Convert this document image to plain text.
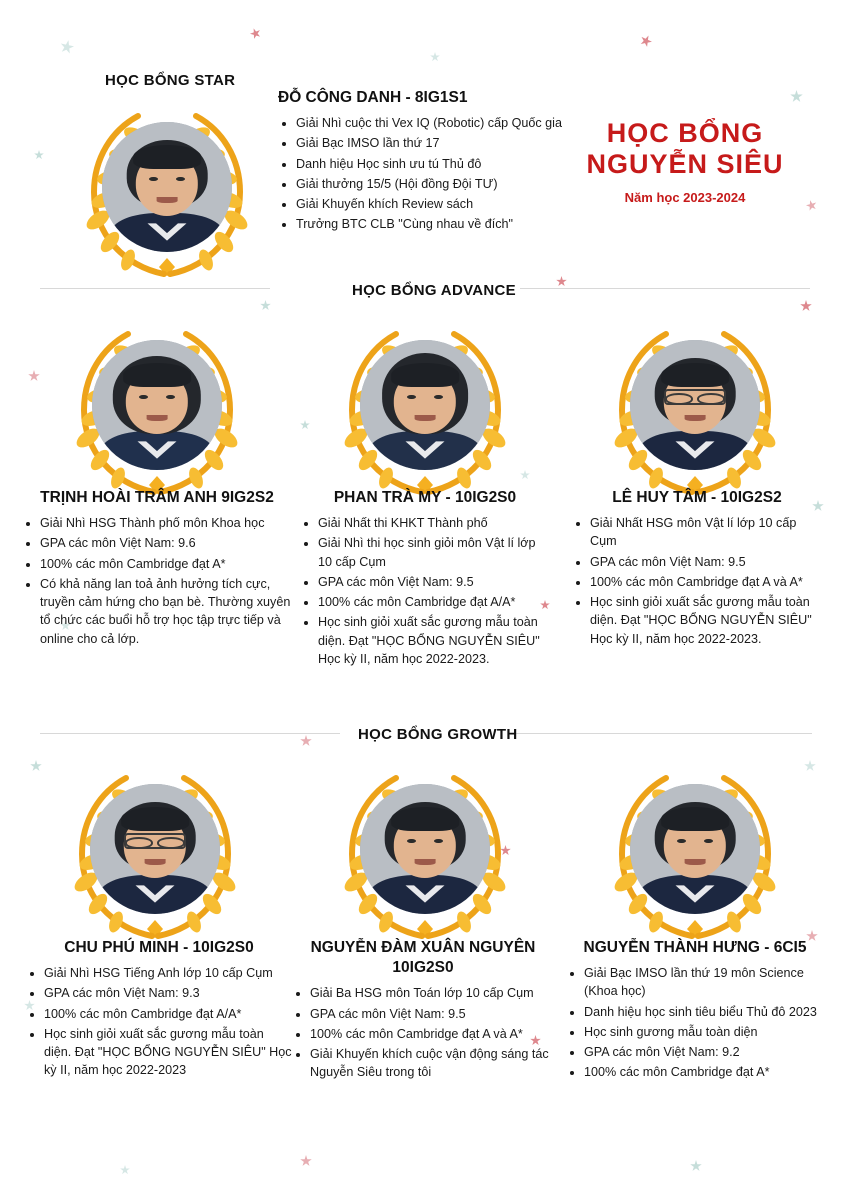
HỌC BỔNG
NGUYỄN SIÊU
Năm học 2023-2024
HỌC BỔNG STAR
ĐỖ CÔNG DANH - 8IG1S1
• Giải Nhì cuộc thi Vex IQ (Robotic) cấp Quốc gia
• Giải Bạc IMSO lần thứ 17
• Danh hiệu Học sinh ưu tú Thủ đô
• Giải thưởng 15/5 (Hội đồng Đội TƯ)
• Giải Khuyến khích Review sách
• Trưởng BTC CLB "Cùng nhau về đích"
HỌC BỔNG ADVANCE
TRỊNH HOÀI TRÂM ANH 9IG2S2
• Giải Nhì HSG Thành phố môn Khoa học
• GPA các môn Việt Nam: 9.6
• 100% các môn Cambridge đạt A*
• Có khả năng lan toả ảnh hưởng tích cực, truyền cảm hứng cho bạn bè. Thường xuyên tổ chức các buổi hỗ trợ học tập trực tiếp và online cho cả lớp.
PHAN TRÀ MY - 10IG2S0
• Giải Nhất thi KHKT Thành phố
• Giải Nhì thi học sinh giỏi môn Vật lí lớp 10 cấp Cụm
• GPA các môn Việt Nam: 9.5
• 100% các môn Cambridge đạt A/A*
• Học sinh giỏi xuất sắc gương mẫu toàn diện. Đạt "HỌC BỔNG NGUYỄN SIÊU" Học kỳ II, năm học 2022-2023.
LÊ HUY TÂM - 10IG2S2
• Giải Nhất HSG môn Vật lí lớp 10 cấp Cụm
• GPA các môn Việt Nam: 9.5
• 100% các môn Cambridge đạt A và A*
• Học sinh giỏi xuất sắc gương mẫu toàn diện. Đạt "HỌC BỔNG NGUYỄN SIÊU" Học kỳ II, năm học 2022-2023.
HỌC BỔNG GROWTH
CHU PHÚ MINH - 10IG2S0
• Giải Nhì HSG Tiếng Anh lớp 10 cấp Cụm
• GPA các môn Việt Nam: 9.3
• 100% các môn Cambridge đạt A/A*
• Học sinh giỏi xuất sắc gương mẫu toàn diện. Đạt "HỌC BỔNG NGUYỄN SIÊU" Học kỳ II, năm học 2022-2023
NGUYỄN ĐÀM XUÂN NGUYÊN 10IG2S0
• Giải Ba HSG môn Toán lớp 10 cấp Cụm
• GPA các môn Việt Nam: 9.5
• 100% các môn Cambridge đạt A và A*
• Giải Khuyến khích cuộc vận động sáng tác Nguyễn Siêu trong tôi
NGUYỄN THÀNH HƯNG - 6CI5
• Giải Bạc IMSO lần thứ 19 môn Science (Khoa học)
• Danh hiệu học sinh tiêu biểu Thủ đô 2023
• Học sinh gương mẫu toàn diện
• GPA các môn Việt Nam: 9.2
• 100% các môn Cambridge đạt A*
